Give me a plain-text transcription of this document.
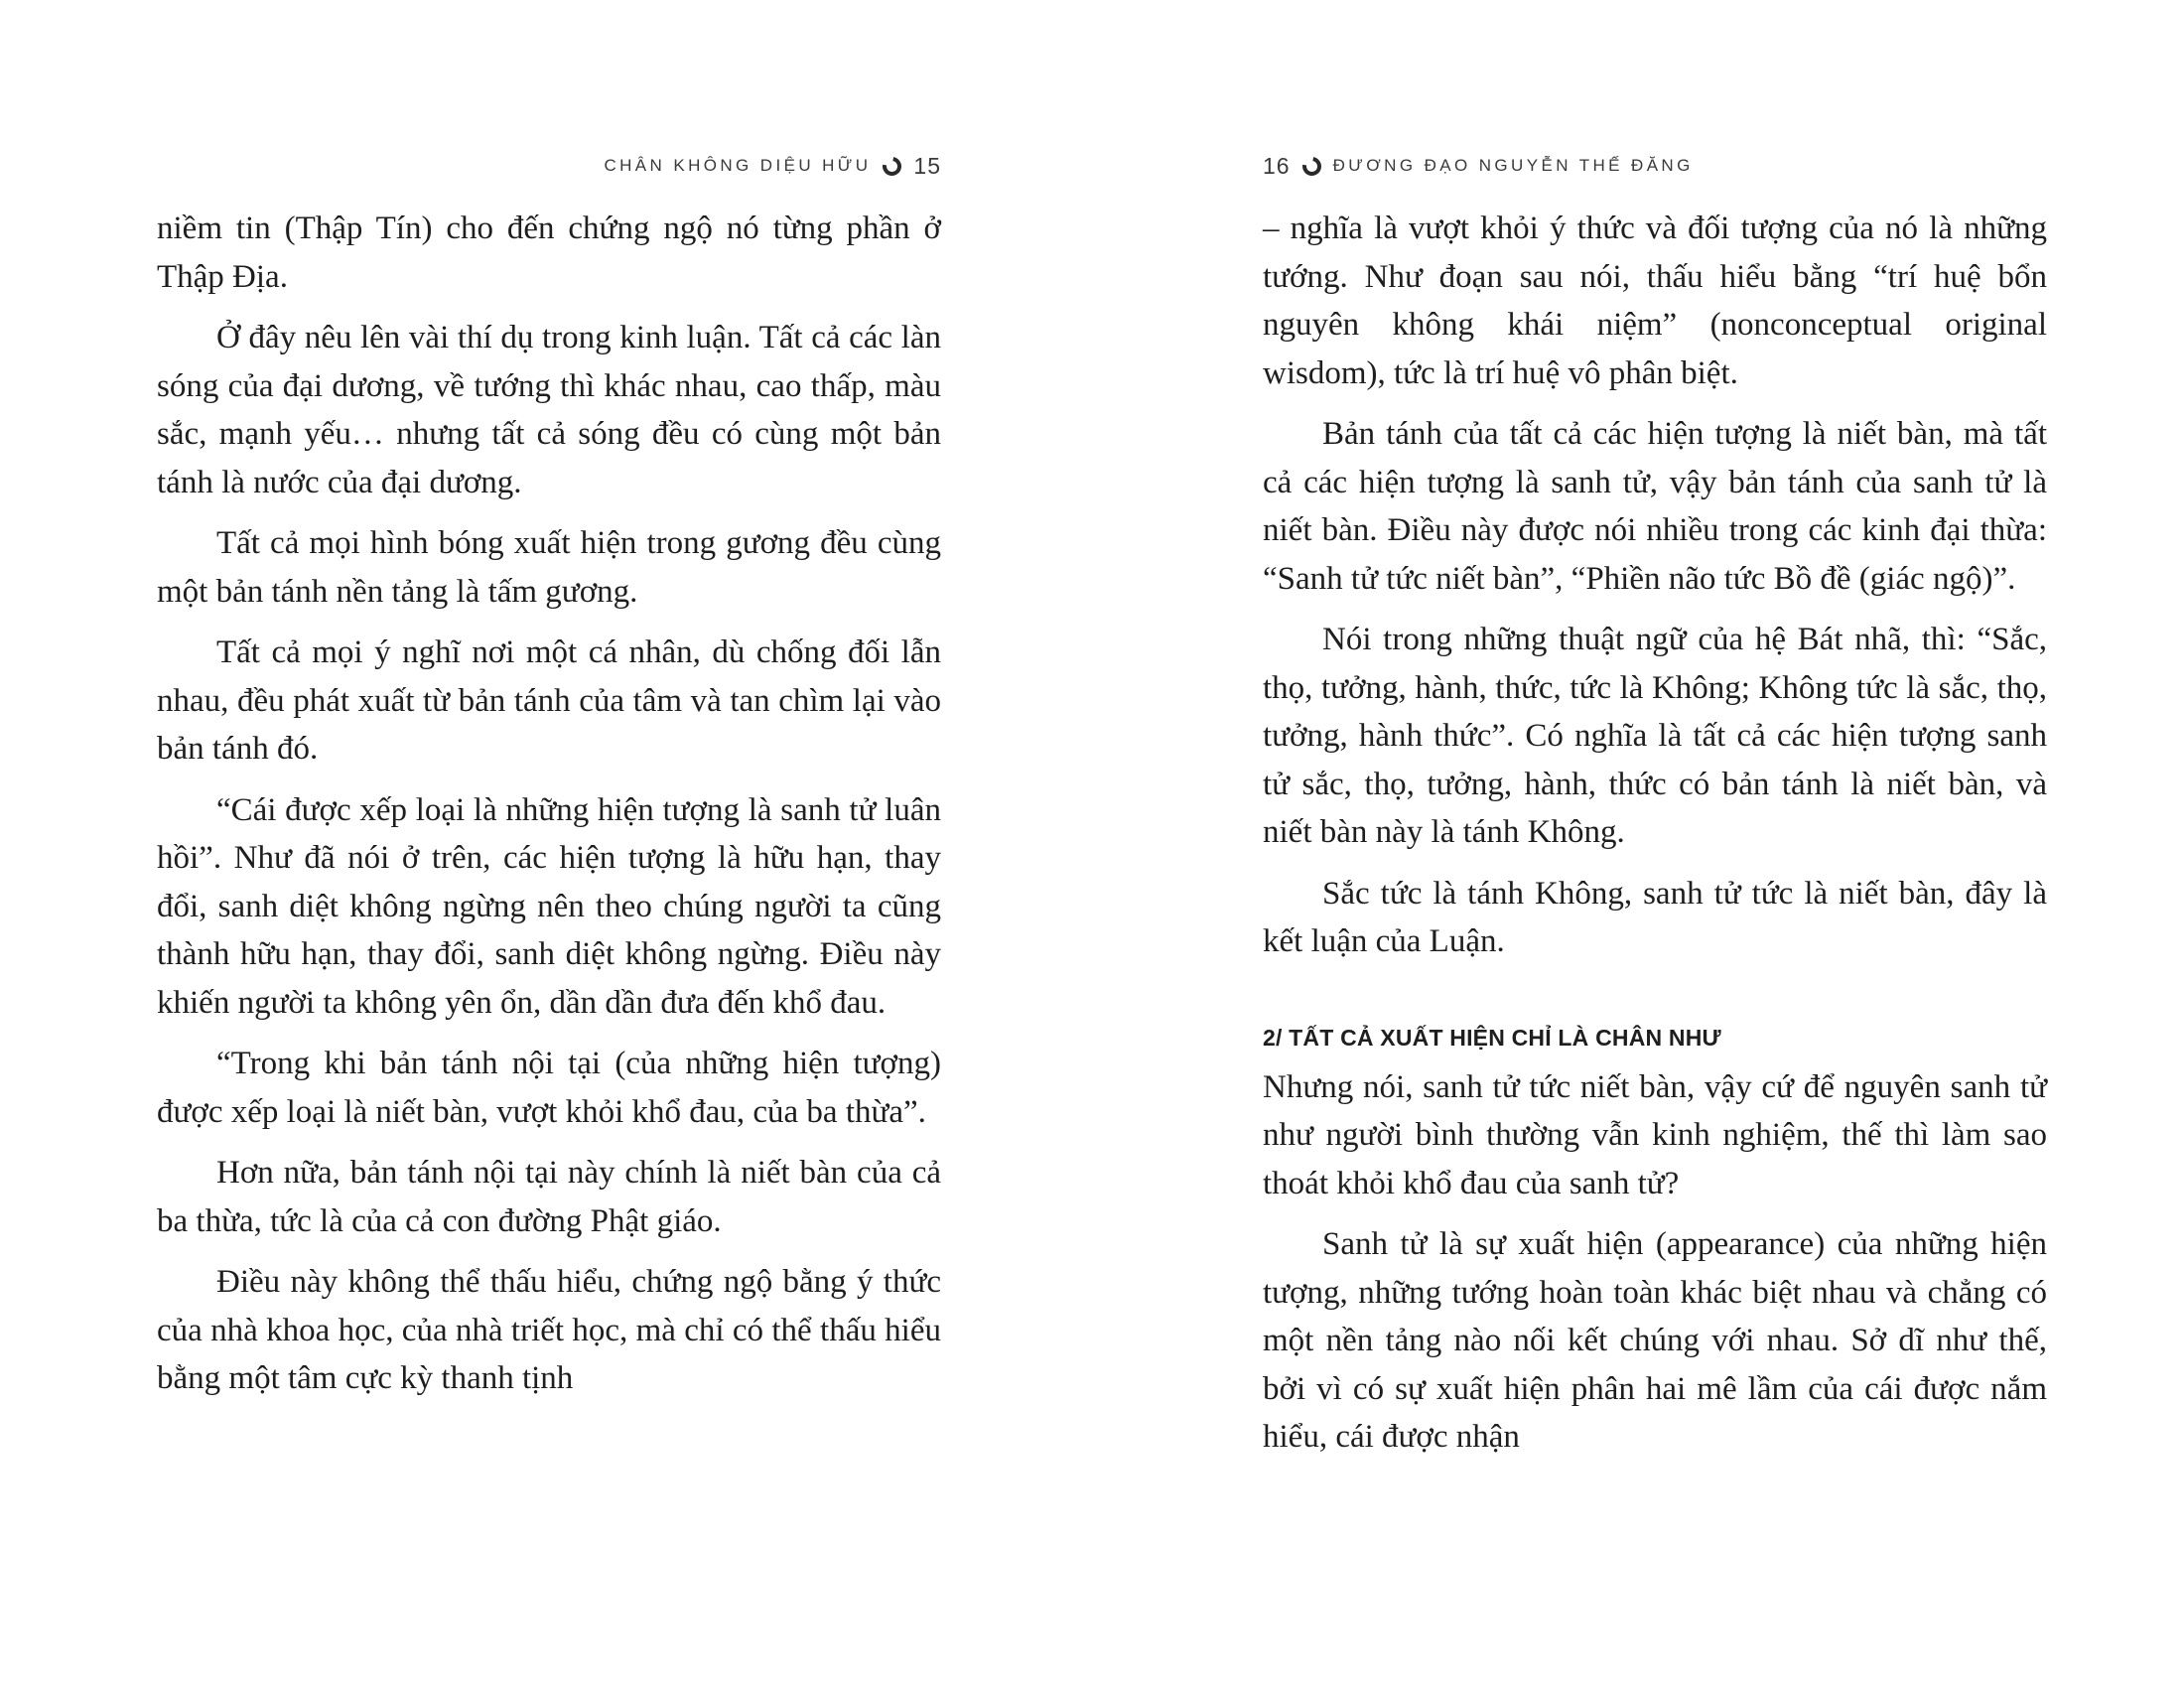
CHÂN KHÔNG DIỆU HỮU 15

niềm tin (Thập Tín) cho đến chứng ngộ nó từng phần ở Thập Địa.

Ở đây nêu lên vài thí dụ trong kinh luận. Tất cả các làn sóng của đại dương, về tướng thì khác nhau, cao thấp, màu sắc, mạnh yếu… nhưng tất cả sóng đều có cùng một bản tánh là nước của đại dương.

Tất cả mọi hình bóng xuất hiện trong gương đều cùng một bản tánh nền tảng là tấm gương.

Tất cả mọi ý nghĩ nơi một cá nhân, dù chống đối lẫn nhau, đều phát xuất từ bản tánh của tâm và tan chìm lại vào bản tánh đó.

“Cái được xếp loại là những hiện tượng là sanh tử luân hồi”. Như đã nói ở trên, các hiện tượng là hữu hạn, thay đổi, sanh diệt không ngừng nên theo chúng người ta cũng thành hữu hạn, thay đổi, sanh diệt không ngừng. Điều này khiến người ta không yên ổn, dần dần đưa đến khổ đau.

“Trong khi bản tánh nội tại (của những hiện tượng) được xếp loại là niết bàn, vượt khỏi khổ đau, của ba thừa”.

Hơn nữa, bản tánh nội tại này chính là niết bàn của cả ba thừa, tức là của cả con đường Phật giáo.

Điều này không thể thấu hiểu, chứng ngộ bằng ý thức của nhà khoa học, của nhà triết học, mà chỉ có thể thấu hiểu bằng một tâm cực kỳ thanh tịnh

16	ĐƯƠNG ĐẠO NGUYỄN THẾ ĐĂNG

– nghĩa là vượt khỏi ý thức và đối tượng của nó là những tướng. Như đoạn sau nói, thấu hiểu bằng “trí huệ bổn nguyên không khái niệm” (nonconceptual original wisdom), tức là trí huệ vô phân biệt.

Bản tánh của tất cả các hiện tượng là niết bàn, mà tất cả các hiện tượng là sanh tử, vậy bản tánh của sanh tử là niết bàn. Điều này được nói nhiều trong các kinh đại thừa: “Sanh tử tức niết bàn”, “Phiền não tức Bồ đề (giác ngộ)”.

Nói trong những thuật ngữ của hệ Bát nhã, thì: “Sắc, thọ, tưởng, hành, thức, tức là Không; Không tức là sắc, thọ, tưởng, hành thức”. Có nghĩa là tất cả các hiện tượng sanh tử sắc, thọ, tưởng, hành, thức có bản tánh là niết bàn, và niết bàn này là tánh Không.

Sắc tức là tánh Không, sanh tử tức là niết bàn, đây là kết luận của Luận.

2/ TẤT CẢ XUẤT HIỆN CHỈ LÀ CHÂN NHƯ

Nhưng nói, sanh tử tức niết bàn, vậy cứ để nguyên sanh tử như người bình thường vẫn kinh nghiệm, thế thì làm sao thoát khỏi khổ đau của sanh tử?

Sanh tử là sự xuất hiện (appearance) của những hiện tượng, những tướng hoàn toàn khác biệt nhau và chẳng có một nền tảng nào nối kết chúng với nhau. Sở dĩ như thế, bởi vì có sự xuất hiện phân hai mê lầm của cái được nắm hiểu, cái được nhận
